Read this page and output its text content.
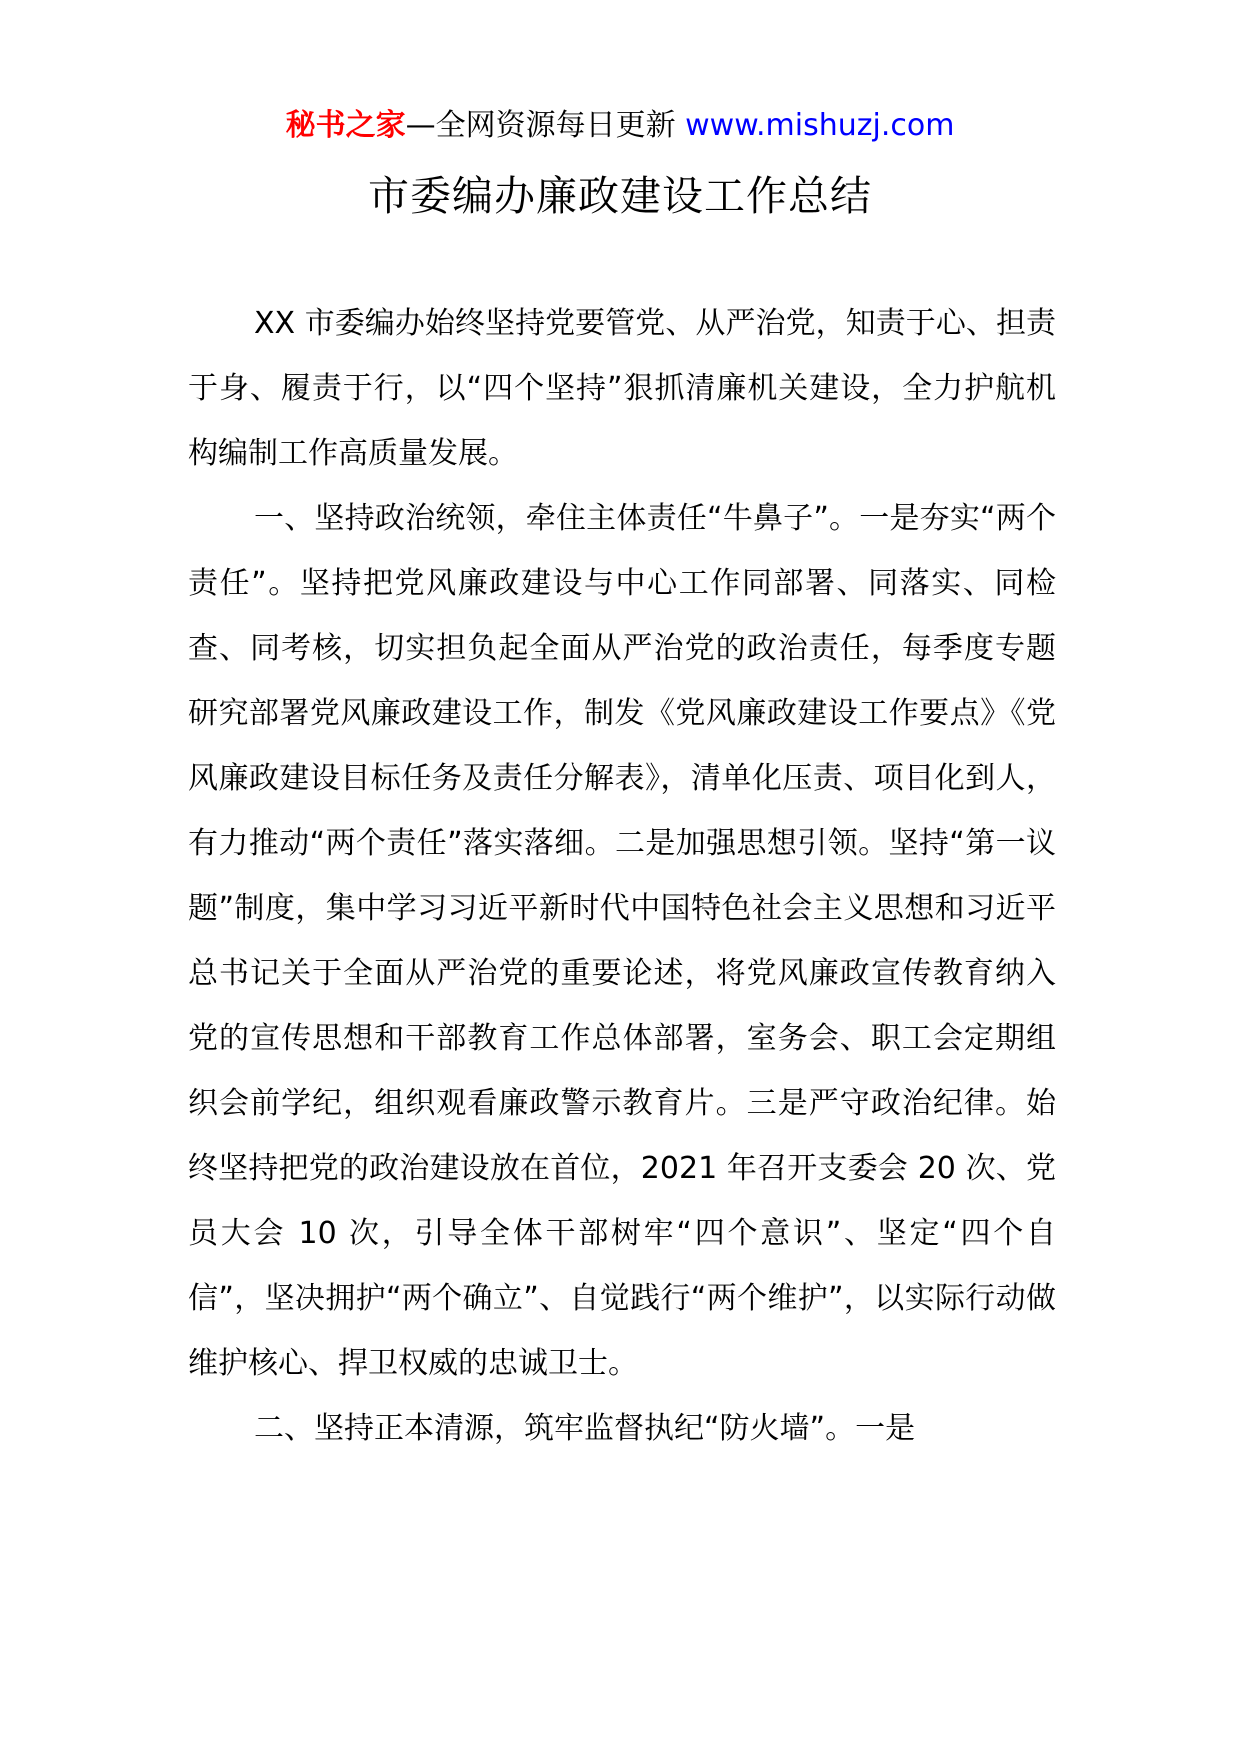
秘书之家—全网资源每日更新 www.mishuzj.com
市委编办廉政建设工作总结

XX 市委编办始终坚持党要管党、从严治党，知责于心、担责于身、履责于行，以“四个坚持”狠抓清廉机关建设，全力护航机构编制工作高质量发展。

一、坚持政治统领，牵住主体责任“牛鼻子”。一是夯实“两个责任”。坚持把党风廉政建设与中心工作同部署、同落实、同检查、同考核，切实担负起全面从严治党的政治责任，每季度专题研究部署党风廉政建设工作，制发《党风廉政建设工作要点》《党风廉政建设目标任务及责任分解表》，清单化压责、项目化到人，有力推动“两个责任”落实落细。二是加强思想引领。坚持“第一议题”制度，集中学习习近平新时代中国特色社会主义思想和习近平总书记关于全面从严治党的重要论述，将党风廉政宣传教育纳入党的宣传思想和干部教育工作总体部署，室务会、职工会定期组织会前学纪，组织观看廉政警示教育片。三是严守政治纪律。始终坚持把党的政治建设放在首位，2021 年召开支委会 20 次、党员大会 10 次，引导全体干部树牢“四个意识”、坚定“四个自信”，坚决拥护“两个确立”、自觉践行“两个维护”，以实际行动做维护核心、捍卫权威的忠诚卫士。

二、坚持正本清源，筑牢监督执纪“防火墙”。一是
